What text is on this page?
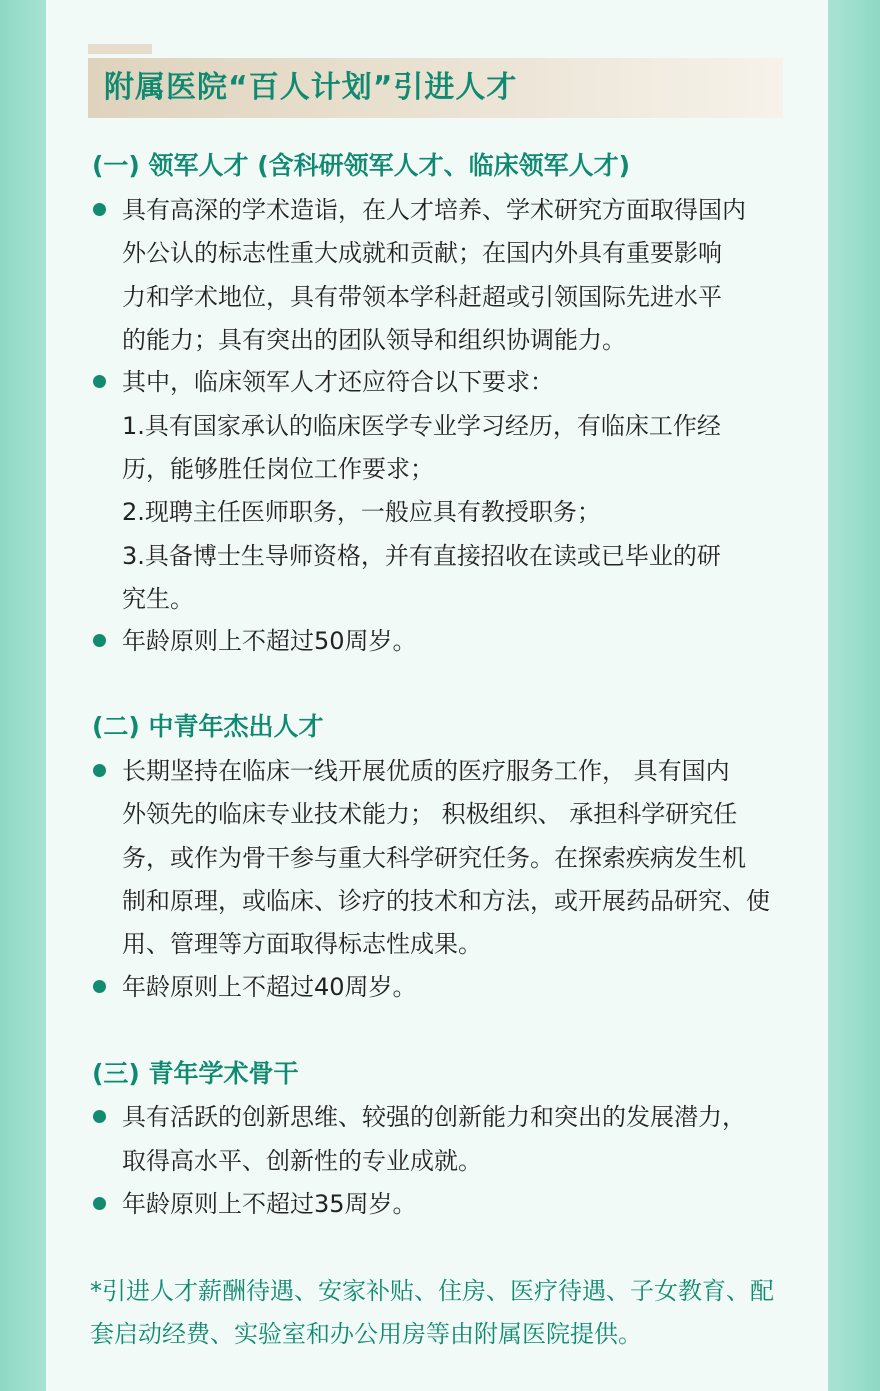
附属医院“百人计划”引进人才
(一) 领军人才 (含科研领军人才、临床领军人才)

具有高深的学术造诣，在人才培养、学术研究方面取得国内

外公认的标志性重大成就和贡献；在国内外具有重要影响

力和学术地位，具有带领本学科赶超或引领国际先进水平

的能力；具有突出的团队领导和组织协调能力。

其中，临床领军人才还应符合以下要求：

1.具有国家承认的临床医学专业学习经历，有临床工作经

历，能够胜任岗位工作要求；

2.现聘主任医师职务，一般应具有教授职务；

3.具备博士生导师资格，并有直接招收在读或已毕业的研

究生。

年龄原则上不超过50周岁。

(二) 中青年杰出人才

长期坚持在临床一线开展优质的医疗服务工作， 具有国内

外领先的临床专业技术能力； 积极组织、 承担科学研究任

务，或作为骨干参与重大科学研究任务。在探索疾病发生机

制和原理，或临床、诊疗的技术和方法，或开展药品研究、使

用、管理等方面取得标志性成果。

年龄原则上不超过40周岁。

(三) 青年学术骨干

具有活跃的创新思维、较强的创新能力和突出的发展潜力，

取得高水平、创新性的专业成就。

年龄原则上不超过35周岁。

*引进人才薪酬待遇、安家补贴、住房、医疗待遇、子女教育、配

套启动经费、实验室和办公用房等由附属医院提供。
